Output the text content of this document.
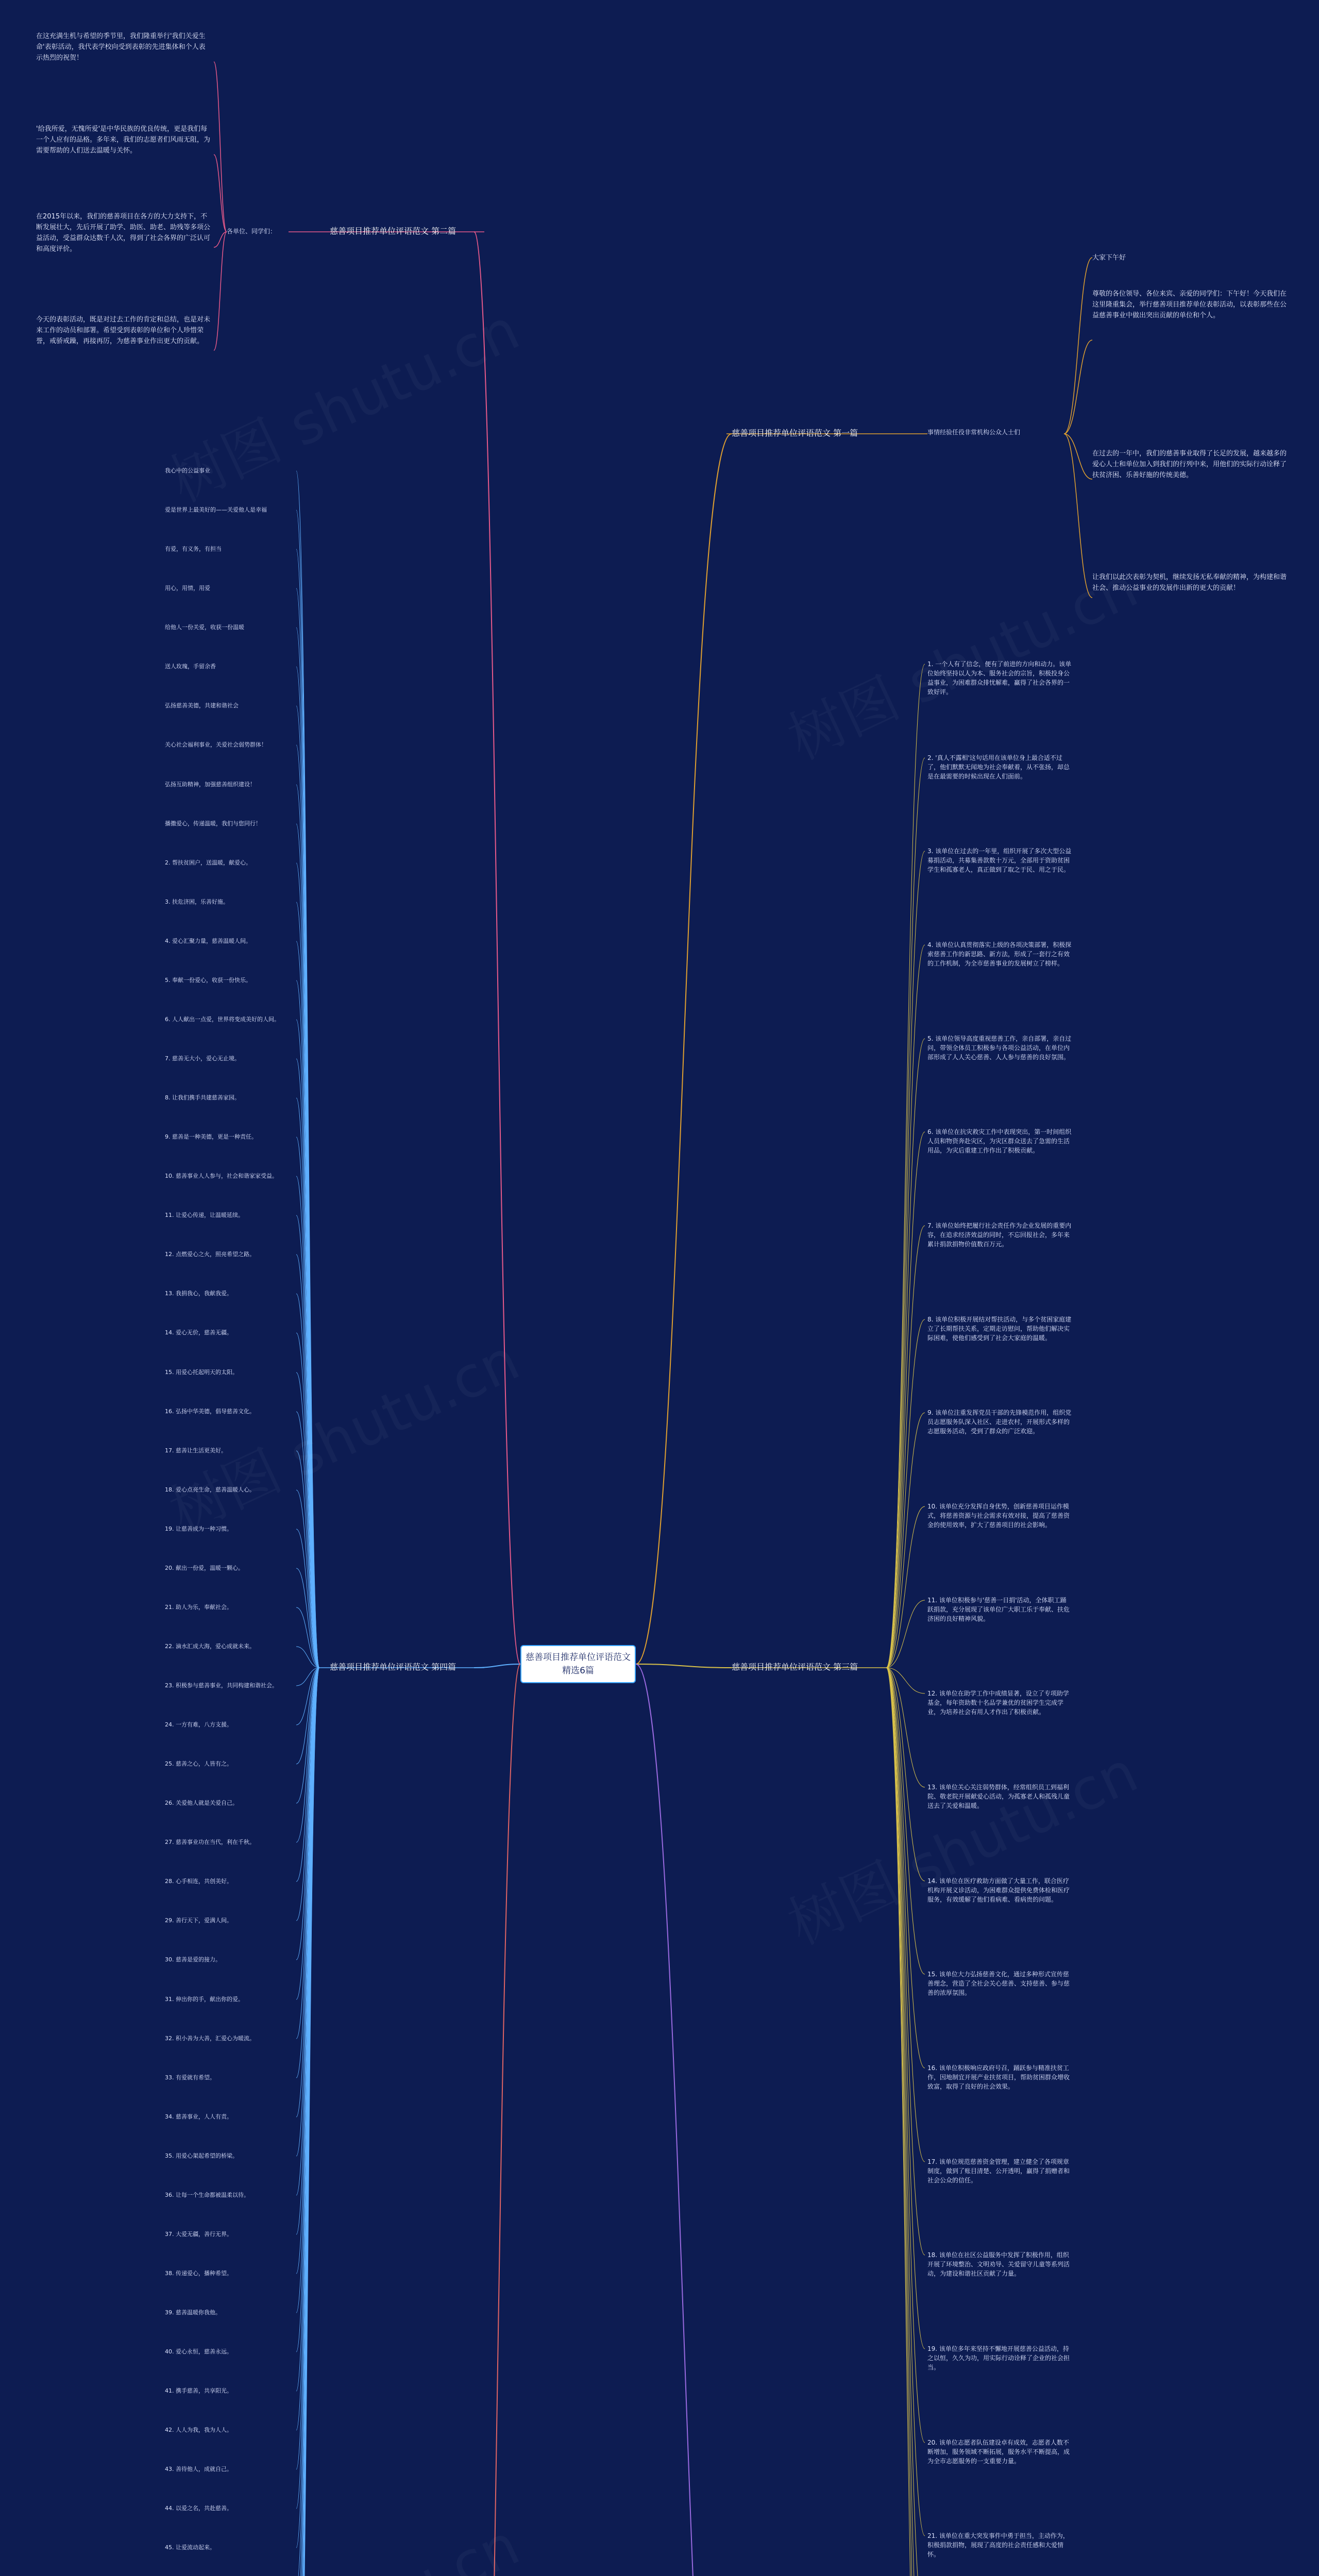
慈善项目推荐单位评语范文精选6篇
慈善项目推荐单位评语范文 第二篇
各单位、同学们：
在这充满生机与希望的季节里，我们隆重举行'我们关爱生命'表彰活动，我代表学校向受到表彰的先进集体和个人表示热烈的祝贺！
'给我所爱，无愧所爱'是中华民族的优良传统，更是我们每一个人应有的品格。多年来，我们的志愿者们风雨无阻，为需要帮助的人们送去温暖与关怀。
在2015年以来，我们的慈善项目在各方的大力支持下，不断发展壮大，先后开展了助学、助医、助老、助残等多项公益活动，受益群众达数千人次，得到了社会各界的广泛认可和高度评价。
今天的表彰活动，既是对过去工作的肯定和总结，也是对未来工作的动员和部署。希望受到表彰的单位和个人珍惜荣誉，戒骄戒躁，再接再厉，为慈善事业作出更大的贡献。
慈善项目推荐单位评语范文 第一篇	事情经验任役非常机构公众人士们
大家下午好
尊敬的各位领导、各位来宾、亲爱的同学们：下午好！今天我们在这里隆重集会，举行慈善项目推荐单位表彰活动，以表彰那些在公益慈善事业中做出突出贡献的单位和个人。
在过去的一年中，我们的慈善事业取得了长足的发展，越来越多的爱心人士和单位加入到我们的行列中来，用他们的实际行动诠释了扶贫济困、乐善好施的传统美德。
让我们以此次表彰为契机，继续发扬无私奉献的精神，为构建和谐社会、推动公益事业的发展作出新的更大的贡献！
慈善项目推荐单位评语范文 第四篇
我心中的公益事业
爱是世界上最美好的——关爱他人是幸福
有爱，有义务，有担当
用心，用情，用爱
给他人一份关爱，收获一份温暖
送人玫瑰，手留余香
弘扬慈善美德，共建和谐社会
关心社会福利事业，关爱社会弱势群体！
弘扬互助精神，加强慈善组织建设！
播撒爱心，传递温暖，我们与您同行！
2. 帮扶贫困户，送温暖，献爱心。
3. 扶危济困，乐善好施。
4. 爱心汇聚力量，慈善温暖人间。
5. 奉献一份爱心，收获一份快乐。
6. 人人献出一点爱，世界将变成美好的人间。
7. 慈善无大小，爱心无止境。
8. 让我们携手共建慈善家园。
9. 慈善是一种美德，更是一种责任。
10. 慈善事业人人参与，社会和谐家家受益。
11. 让爱心传递，让温暖延续。
12. 点燃爱心之火，照亮希望之路。
13. 我捐我心，我献我爱。
14. 爱心无价，慈善无疆。
15. 用爱心托起明天的太阳。
16. 弘扬中华美德，倡导慈善文化。
17. 慈善让生活更美好。
18. 爱心点亮生命，慈善温暖人心。
19. 让慈善成为一种习惯。
20. 献出一份爱，温暖一颗心。
21. 助人为乐，奉献社会。
22. 滴水汇成大海，爱心成就未来。
23. 积极参与慈善事业，共同构建和谐社会。
24. 一方有难，八方支援。
25. 慈善之心，人皆有之。
26. 关爱他人就是关爱自己。
27. 慈善事业功在当代，利在千秋。
28. 心手相连，共创美好。
29. 善行天下，爱满人间。
30. 慈善是爱的接力。
31. 伸出你的手，献出你的爱。
32. 积小善为大善，汇爱心为暖流。
33. 有爱就有希望。
34. 慈善事业，人人有责。
35. 用爱心架起希望的桥梁。
36. 让每一个生命都被温柔以待。
37. 大爱无疆，善行无界。
38. 传递爱心，播种希望。
39. 慈善温暖你我他。
40. 爱心永恒，慈善永远。
41. 携手慈善，共享阳光。
42. 人人为我，我为人人。
43. 善待他人，成就自己。
44. 以爱之名，共赴慈善。
45. 让爱流动起来。
慈善项目推荐单位评语范文 第三篇
1. 一个人有了信念，便有了前进的方向和动力。该单位始终坚持以人为本、服务社会的宗旨，积极投身公益事业，为困难群众排忧解难，赢得了社会各界的一致好评。
2. '真人不露相'这句话用在该单位身上最合适不过了，他们默默无闻地为社会奉献着，从不张扬，却总是在最需要的时候出现在人们面前。
3. 该单位在过去的一年里，组织开展了多次大型公益募捐活动，共募集善款数十万元，全部用于资助贫困学生和孤寡老人，真正做到了取之于民、用之于民。
4. 该单位认真贯彻落实上级的各项决策部署，积极探索慈善工作的新思路、新方法，形成了一套行之有效的工作机制，为全市慈善事业的发展树立了榜样。
5. 该单位领导高度重视慈善工作，亲自部署，亲自过问，带领全体员工积极参与各项公益活动，在单位内部形成了人人关心慈善、人人参与慈善的良好氛围。
6. 该单位在抗灾救灾工作中表现突出，第一时间组织人员和物资奔赴灾区，为灾区群众送去了急需的生活用品，为灾后重建工作作出了积极贡献。
7. 该单位始终把履行社会责任作为企业发展的重要内容，在追求经济效益的同时，不忘回报社会，多年来累计捐款捐物价值数百万元。
8. 该单位积极开展结对帮扶活动，与多个贫困家庭建立了长期帮扶关系，定期走访慰问，帮助他们解决实际困难，使他们感受到了社会大家庭的温暖。
9. 该单位注重发挥党员干部的先锋模范作用，组织党员志愿服务队深入社区、走进农村，开展形式多样的志愿服务活动，受到了群众的广泛欢迎。
10. 该单位充分发挥自身优势，创新慈善项目运作模式，将慈善资源与社会需求有效对接，提高了慈善资金的使用效率，扩大了慈善项目的社会影响。
11. 该单位积极参与'慈善一日捐'活动，全体职工踊跃捐款，充分展现了该单位广大职工乐于奉献、扶危济困的良好精神风貌。
12. 该单位在助学工作中成绩显著，设立了专项助学基金，每年资助数十名品学兼优的贫困学生完成学业，为培养社会有用人才作出了积极贡献。
13. 该单位关心关注弱势群体，经常组织员工到福利院、敬老院开展献爱心活动，为孤寡老人和孤残儿童送去了关爱和温暖。
14. 该单位在医疗救助方面做了大量工作，联合医疗机构开展义诊活动，为困难群众提供免费体检和医疗服务，有效缓解了他们看病难、看病贵的问题。
15. 该单位大力弘扬慈善文化，通过多种形式宣传慈善理念，营造了全社会关心慈善、支持慈善、参与慈善的浓厚氛围。
16. 该单位积极响应政府号召，踊跃参与精准扶贫工作，因地制宜开展产业扶贫项目，帮助贫困群众增收致富，取得了良好的社会效果。
17. 该单位规范慈善资金管理，建立健全了各项规章制度，做到了账目清楚、公开透明，赢得了捐赠者和社会公众的信任。
18. 该单位在社区公益服务中发挥了积极作用，组织开展了环境整治、文明劝导、关爱留守儿童等系列活动，为建设和谐社区贡献了力量。
19. 该单位多年来坚持不懈地开展慈善公益活动，持之以恒，久久为功，用实际行动诠释了企业的社会担当。
20. 该单位志愿者队伍建设卓有成效，志愿者人数不断增加，服务领域不断拓展，服务水平不断提高，成为全市志愿服务的一支重要力量。
21. 该单位在重大突发事件中勇于担当，主动作为，积极捐款捐物，展现了高度的社会责任感和大爱情怀。
